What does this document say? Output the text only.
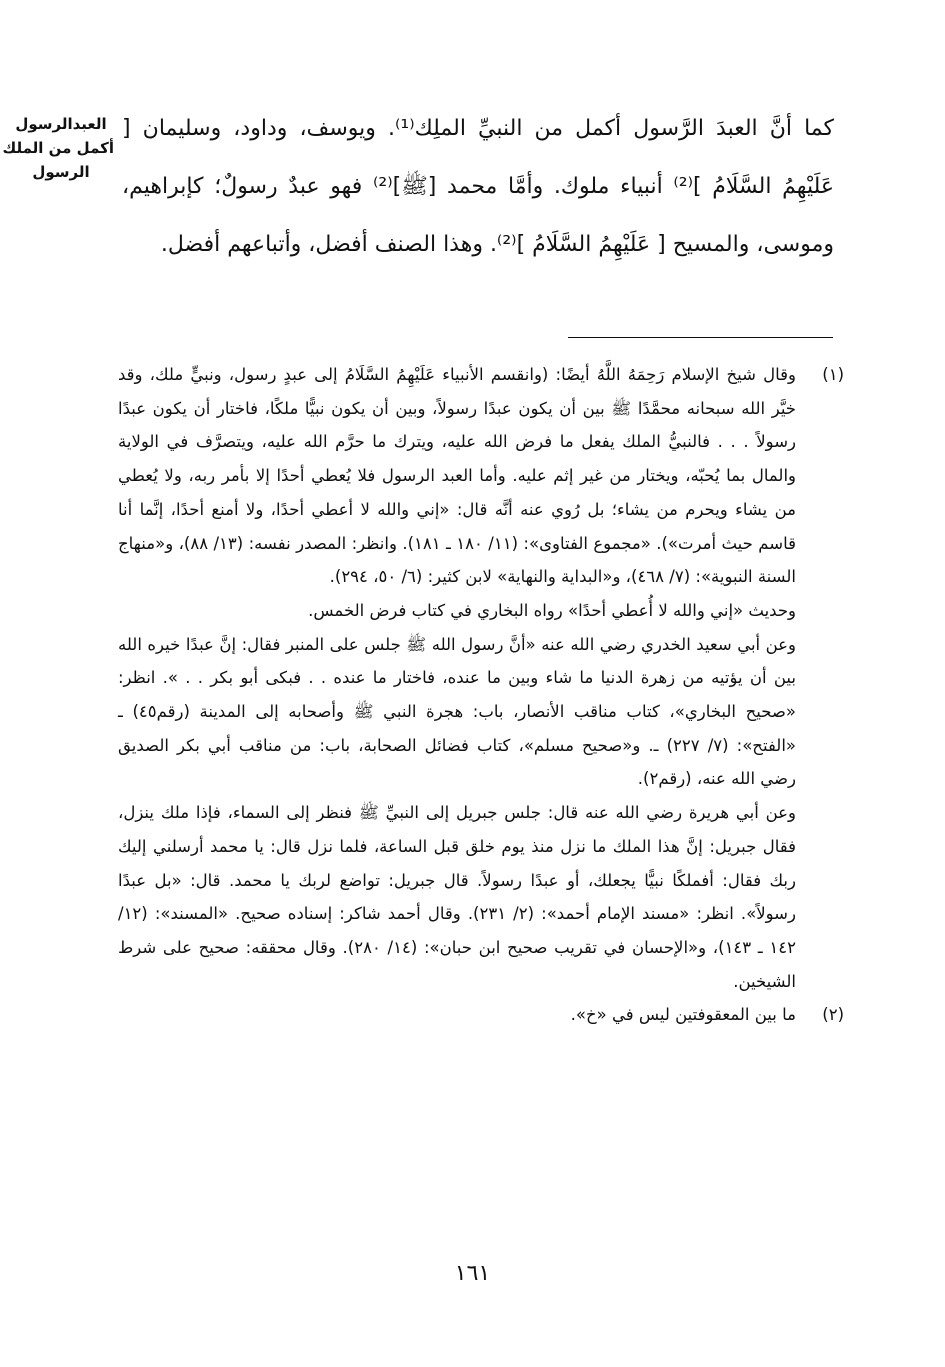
العبدالرسول
أكمل من الملك
الرسول

كما أنَّ العبدَ الرَّسول أكمل من النبيِّ الملِك⁽¹⁾. ويوسف، وداود، وسليمان [ عَلَيْهِمُ السَّلَامُ ]⁽²⁾ أنبياء ملوك. وأمَّا محمد [ﷺ]⁽²⁾ فهو عبدٌ رسولٌ؛ كإبراهيم، وموسى، والمسيح [ عَلَيْهِمُ السَّلَامُ ]⁽²⁾. وهذا الصنف أفضل، وأتباعهم أفضل.

(١)

وقال شيخ الإسلام رَحِمَهُ اللَّهُ أيضًا: (وانقسم الأنبياء عَلَيْهِمُ السَّلَامُ إلى عبدٍ رسول، ونبيٍّ ملك، وقد خيَّر الله سبحانه محمَّدًا ﷺ بين أن يكون عبدًا رسولاً، وبين أن يكون نبيًّا ملكًا، فاختار أن يكون عبدًا رسولاً . . . فالنبيُّ الملك يفعل ما فرض الله عليه، ويترك ما حرَّم الله عليه، ويتصرَّف في الولاية والمال بما يُحبّه، ويختار من غير إثم عليه. وأما العبد الرسول فلا يُعطي أحدًا إلا بأمر ربه، ولا يُعطي من يشاء ويحرم من يشاء؛ بل رُوي عنه أنَّه قال: «إني والله لا أعطي أحدًا، ولا أمنع أحدًا، إنَّما أنا قاسم حيث أمرت»). «مجموع الفتاوى»: (١١/ ١٨٠ ـ ١٨١). وانظر: المصدر نفسه: (١٣/ ٨٨)، و«منهاج السنة النبوية»: (٧/ ٤٦٨)، و«البداية والنهاية» لابن كثير: (٦/ ٥٠، ٢٩٤).

وحديث «إني والله لا أُعطي أحدًا» رواه البخاري في كتاب فرض الخمس.

وعن أبي سعيد الخدري رضي الله عنه «أنَّ رسول الله ﷺ جلس على المنبر فقال: إنَّ عبدًا خيره الله بين أن يؤتيه من زهرة الدنيا ما شاء وبين ما عنده، فاختار ما عنده . . فبكى أبو بكر . . ». انظر: «صحيح البخاري»، كتاب مناقب الأنصار، باب: هجرة النبي ﷺ وأصحابه إلى المدينة (رقم٤٥) ـ «الفتح»: (٧/ ٢٢٧) ـ. و«صحيح مسلم»، كتاب فضائل الصحابة، باب: من مناقب أبي بكر الصديق رضي الله عنه، (رقم٢).

وعن أبي هريرة رضي الله عنه قال: جلس جبريل إلى النبيِّ ﷺ فنظر إلى السماء، فإذا ملك ينزل، فقال جبريل: إنَّ هذا الملك ما نزل منذ يوم خلق قبل الساعة، فلما نزل قال: يا محمد أرسلني إليك ربك فقال: أفملكًا نبيًّا يجعلك، أو عبدًا رسولاً. قال جبريل: تواضع لربك يا محمد. قال: «بل عبدًا رسولاً». انظر: «مسند الإمام أحمد»: (٢/ ٢٣١). وقال أحمد شاكر: إسناده صحيح. «المسند»: (١٢/ ١٤٢ ـ ١٤٣)، و«الإحسان في تقريب صحيح ابن حبان»: (١٤/ ٢٨٠). وقال محققه: صحيح على شرط الشيخين.

(٢)

ما بين المعقوفتين ليس في «خ».

١٦١
